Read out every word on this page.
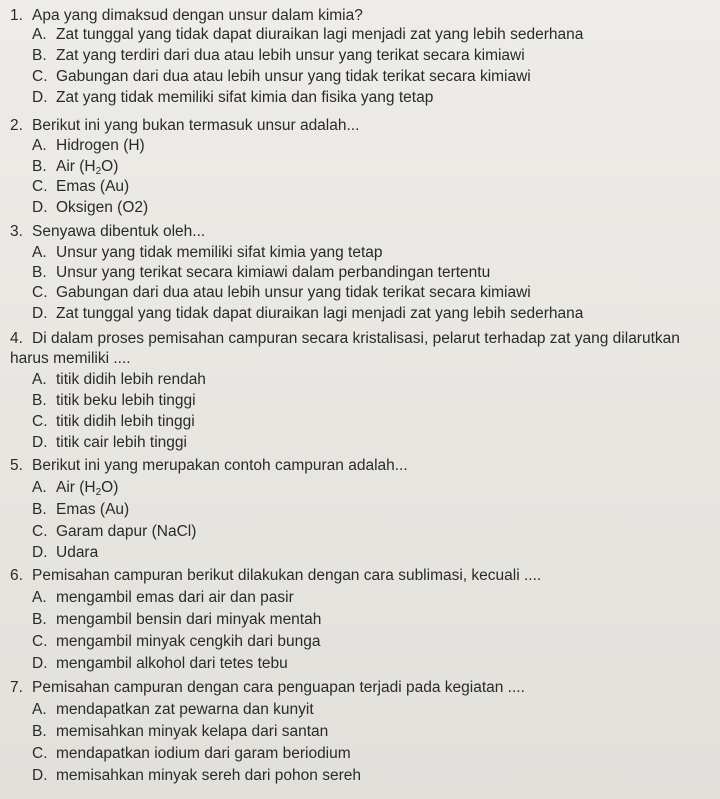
1. Apa yang dimaksud dengan unsur dalam kimia?
A. Zat tunggal yang tidak dapat diuraikan lagi menjadi zat yang lebih sederhana
B. Zat yang terdiri dari dua atau lebih unsur yang terikat secara kimiawi
C. Gabungan dari dua atau lebih unsur yang tidak terikat secara kimiawi
D. Zat yang tidak memiliki sifat kimia dan fisika yang tetap
2. Berikut ini yang bukan termasuk unsur adalah...
A. Hidrogen (H)
B. Air $(H_2O)$
C. Emas (Au)
D. Oksigen (O2)
3. Senyawa dibentuk oleh...
A. Unsur yang tidak memiliki sifat kimia yang tetap
B. Unsur yang terikat secara kimiawi dalam perbandingan tertentu
C. Gabungan dari dua atau lebih unsur yang tidak terikat secara kimiawi
D. Zat tunggal yang tidak dapat diuraikan lagi menjadi zat yang lebih sederhana
4. Di dalam proses pemisahan campuran secara kristalisasi, pelarut terhadap zat yang dilarutkan harus memiliki ....
A. titik didih lebih rendah
B. titik beku lebih tinggi
C. titik didih lebih tinggi
D. titik cair lebih tinggi
5. Berikut ini yang merupakan contoh campuran adalah...
A. Air $(H_2O)$
B. Emas (Au)
C. Garam dapur (NaCl)
D. Udara
6. Pemisahan campuran berikut dilakukan dengan cara sublimasi, kecuali ....
A. mengambil emas dari air dan pasir
B. mengambil bensin dari minyak mentah
C. mengambil minyak cengkih dari bunga
D. mengambil alkohol dari tetes tebu
7. Pemisahan campuran dengan cara penguapan terjadi pada kegiatan ....
A. mendapatkan zat pewarna dan kunyit
B. memisahkan minyak kelapa dari santan
C. mendapatkan iodium dari garam beriodium
D. memisahkan minyak sereh dari pohon sereh
